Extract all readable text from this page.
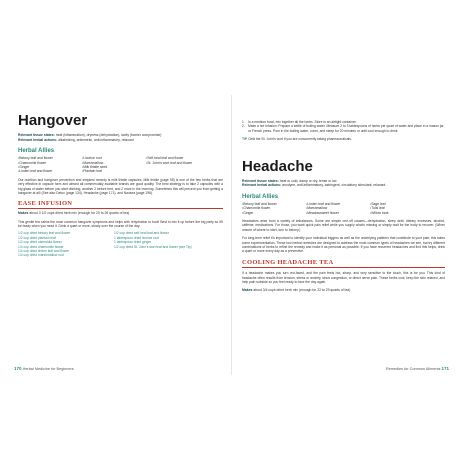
Hangover

Relevant tissue states: heat (inflammation), dryness (dehydration), laxity (barrier compromise)

Relevant herbal actions: alkalinizing, antiemetic, anti-inflammatory, relaxant

Herbal Allies
• Betony leaf and flower
• Chamomile flower
• Ginger
• Linden leaf and flower
• Licorice root
• Marshmallow
• Milk thistle seed
• Plantain leaf
• Self-heal leaf and flower
• St. John's wort leaf and flower

Our nutrition and hangover prevention and simplest remedy is milk thistle capsules. Milk thistle (page 95) is one of the few herbs that are very effective in capsule form and almost all commercially available brands are good quality. The best strategy is to take 2 capsules with a big glass of water before you start drinking, another 2 before bed, and 2 more in the morning. Sometimes this will prevent you from getting a hangover at all! (See also Detox (page 134), Headache (page 171), and Nausea (page 198).

EASE INFUSION

Makes about 3 1/2 cups dried herb mix (enough for 20 to 26 quarts of tea)

This gentle tea calms the most common hangover symptoms and helps with rehydration to boot! Best to mix it up before the big party so it'll be ready when you need it. Drink a quart or more, slowly over the course of the day.

1/2 cup dried betony leaf and flower
1/2 cup dried plantain leaf
1/2 cup dried calendula flower
1/4 cup dried chamomile flower
1/4 cup dried linden leaf and flower
1/4 cup dried marshmallow root
1/2 cup dried self-heal leaf and flower
1 tablespoon dried licorice root
1 tablespoon dried ginger
1/2 cup dried St. John's wort leaf and flower (see Tip)
1. In a medium bowl, mix together all the herbs. Store in an airtight container.
2. Make a hot infusion: Prepare a kettle of boiling water. Measure 2 to 3 tablespoons of herbs per quart of water and place in a mason jar or French press. Pour in the boiling water, cover, and steep for 20 minutes or until cool enough to drink.

TIP Omit the St. John's wort if you are concurrently taking pharmaceuticals.

Headache

Relevant tissue states: heat or cold, damp or dry, tense or lax

Relevant herbal actions: anodyne, anti-inflammatory, astringent, circulatory stimulant, relaxant

Herbal Allies
• Betony leaf and flower
• Chamomile flower
• Ginger
• Linden leaf and flower
• Marshmallow
• Meadowsweet flower
• Sage leaf
• Tulsi leaf
• Willow bark

Headaches arise from a variety of imbalances. Some are simple one-off causes—dehydration, sleep debt, dietary excesses, alcohol, caffeine, medications. For those, you want quick pain relief while you supply what's missing or simply wait for the body to recover. (When unsure of where to start, turn to betony.)

For long-term relief it's important to identify your individual triggers as well as the underlying patterns that contribute to your pain; this takes some experimentation. These two herbal remedies are designed to address the most common types of headaches we see, but try different combinations of herbs to refine the remedy and make it as personal as possible. If you have recurrent headaches and find this helps, drink a quart or more every day as a preventive.

COOLING HEADACHE TEA

If a headache makes you turn red-faced, and the pain feels hot, sharp, and very sensitive to the touch, this is for you. This kind of headache often results from tension, stress or anxiety, sinus congestion, or direct nerve pain. These herbs cool, keep the skin relaxed, and help pain subside so you feel ready to face the day again.

Makes about 3/4 cups dried herb mix (enough for 22 to 29 quarts of tea)

170 Herbal Medicine for Beginners	Remedies for Common Ailments 171
